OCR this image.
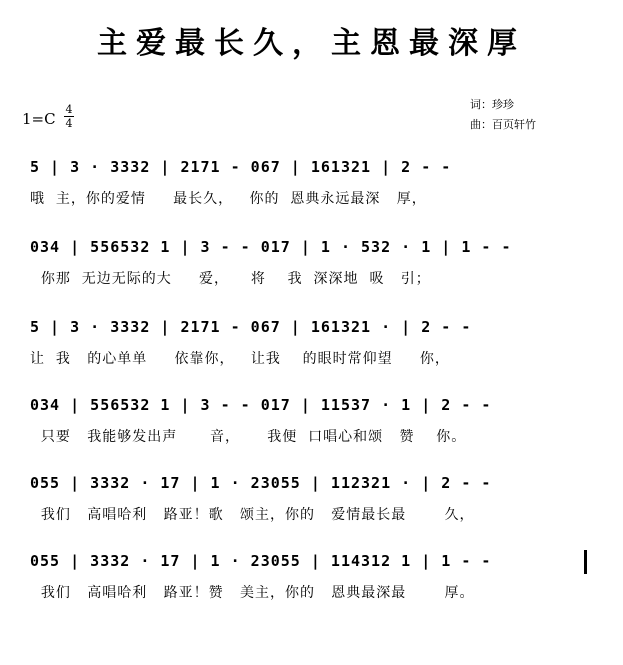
主爱最长久，主恩最深厚
1=C
4
4
词：珍珍
曲：百页轩竹
5 | 3 · 3332 | 2171 - 067 | 161321 | 2 - -
哦  主，你的爱情     最长久，   你的  恩典永远最深   厚，
034 | 556532 1 | 3 - - 017 | 1 · 532 · 1 | 1 - -
你那  无边无际的大     爱，    将    我  深深地  吸   引；
5 | 3 · 3332 | 2171 - 067 | 161321 · | 2 - -
让  我   的心单单     依靠你，   让我    的眼时常仰望     你，
034 | 556532 1 | 3 - - 017 | 11537 · 1 | 2 - -
只要   我能够发出声      音，     我便  口唱心和颂   赞    你。
055 | 3332 · 17 | 1 · 23055 | 112321 · | 2 - -
我们   高唱哈利   路亚！歌   颂主，你的   爱情最长最       久，
055 | 3332 · 17 | 1 · 23055 | 114312 1 | 1 - -
我们   高唱哈利   路亚！赞   美主，你的   恩典最深最       厚。
